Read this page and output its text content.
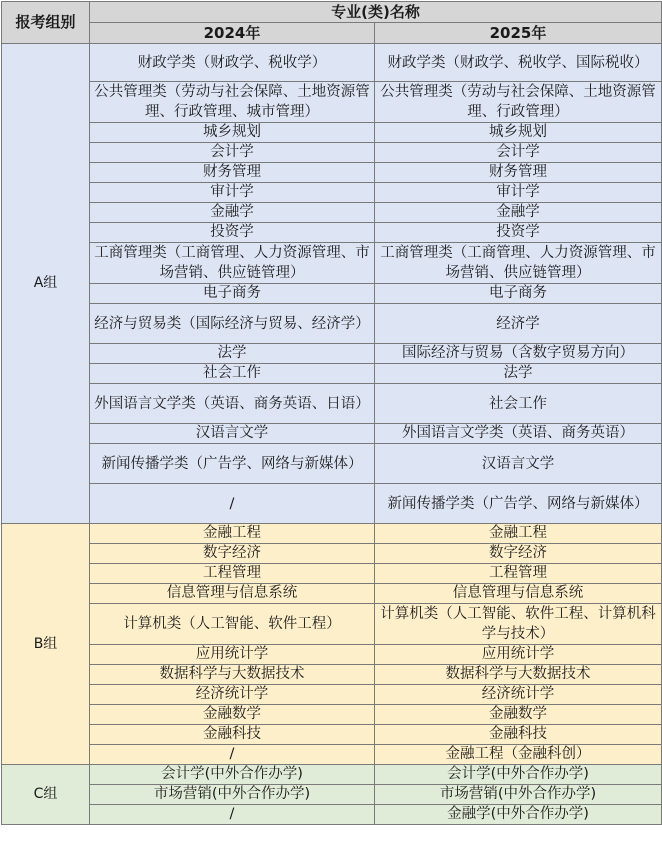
报考组别	专业(类)名称	
	2024年	2025年
A组	财政学类（财政学、税收学）	财政学类（财政学、税收学、国际税收）
	公共管理类（劳动与社会保障、土地资源管理、行政管理、城市管理）	公共管理类（劳动与社会保障、土地资源管理、行政管理）
	城乡规划	城乡规划
	会计学	会计学
	财务管理	财务管理
	审计学	审计学
	金融学	金融学
	投资学	投资学
	工商管理类（工商管理、人力资源管理、市场营销、供应链管理）	工商管理类（工商管理、人力资源管理、市场营销、供应链管理）
	电子商务	电子商务
	经济与贸易类（国际经济与贸易、经济学）	经济学
	法学	国际经济与贸易（含数字贸易方向）
	社会工作	法学
	外国语言文学类（英语、商务英语、日语）	社会工作
	汉语言文学	外国语言文学类（英语、商务英语）
	新闻传播学类（广告学、网络与新媒体）	汉语言文学
	/	新闻传播学类（广告学、网络与新媒体）
B组	金融工程	金融工程
	数字经济	数字经济
	工程管理	工程管理
	信息管理与信息系统	信息管理与信息系统
	计算机类（人工智能、软件工程）	计算机类（人工智能、软件工程、计算机科学与技术）
	应用统计学	应用统计学
	数据科学与大数据技术	数据科学与大数据技术
	经济统计学	经济统计学
	金融数学	金融数学
	金融科技	金融科技
	/	金融工程（金融科创）
C组	会计学(中外合作办学)	会计学(中外合作办学)
	市场营销(中外合作办学)	市场营销(中外合作办学)
	/	金融学(中外合作办学)
